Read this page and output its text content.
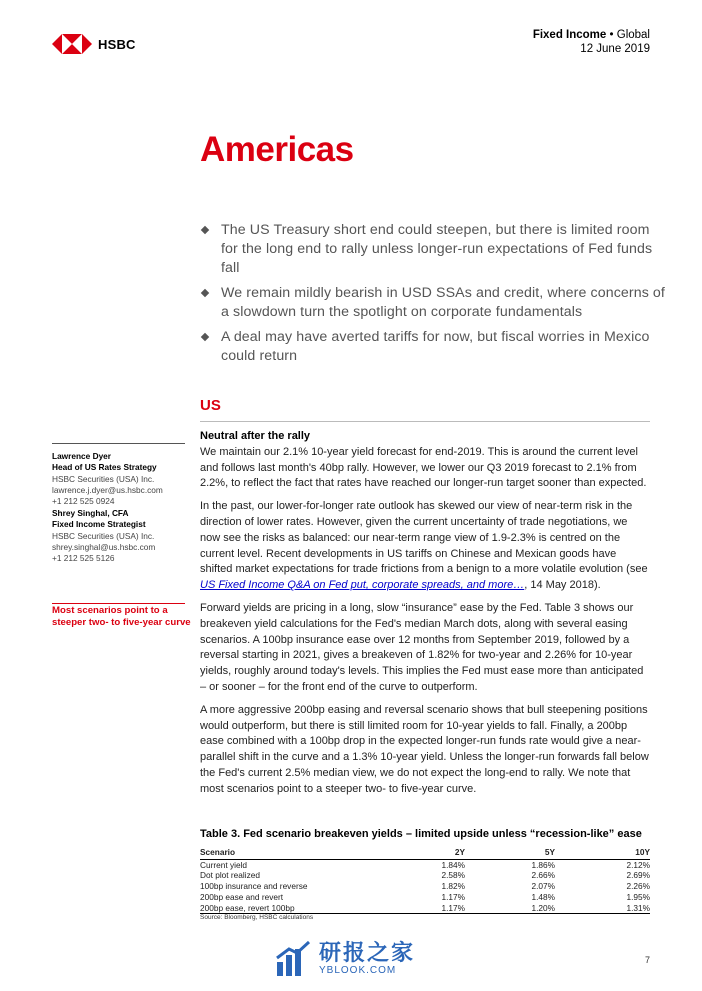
HSBC
Fixed Income • Global
12 June 2019
Americas
The US Treasury short end could steepen, but there is limited room for the long end to rally unless longer-run expectations of Fed funds fall
We remain mildly bearish in USD SSAs and credit, where concerns of a slowdown turn the spotlight on corporate fundamentals
A deal may have averted tariffs for now, but fiscal worries in Mexico could return
US
Lawrence Dyer
Head of US Rates Strategy
HSBC Securities (USA) Inc.
lawrence.j.dyer@us.hsbc.com
+1 212 525 0924
Shrey Singhal, CFA
Fixed Income Strategist
HSBC Securities (USA) Inc.
shrey.singhal@us.hsbc.com
+1 212 525 5126
Most scenarios point to a steeper two- to five-year curve
Neutral after the rally

We maintain our 2.1% 10-year yield forecast for end-2019. This is around the current level and follows last month's 40bp rally. However, we lower our Q3 2019 forecast to 2.1% from 2.2%, to reflect the fact that rates have reached our longer-run target sooner than expected.

In the past, our lower-for-longer rate outlook has skewed our view of near-term risk in the direction of lower rates. However, given the current uncertainty of trade negotiations, we now see the risks as balanced: our near-term range view of 1.9-2.3% is centred on the current level. Recent developments in US tariffs on Chinese and Mexican goods have shifted market expectations for trade frictions from a benign to a more volatile evolution (see US Fixed Income Q&A on Fed put, corporate spreads, and more…, 14 May 2018).

Forward yields are pricing in a long, slow “insurance” ease by the Fed. Table 3 shows our breakeven yield calculations for the Fed's median March dots, along with several easing scenarios. A 100bp insurance ease over 12 months from September 2019, followed by a reversal starting in 2021, gives a breakeven of 1.82% for two-year and 2.26% for 10-year yields, roughly around today's levels. This implies the Fed must ease more than anticipated – or sooner – for the front end of the curve to outperform.

A more aggressive 200bp easing and reversal scenario shows that bull steepening positions would outperform, but there is still limited room for 10-year yields to fall. Finally, a 200bp ease combined with a 100bp drop in the expected longer-run funds rate would give a near-parallel shift in the curve and a 1.3% 10-year yield. Unless the longer-run forwards fall below the Fed's current 2.5% median view, we do not expect the long-end to rally. We note that most scenarios point to a steeper two- to five-year curve.

Table 3. Fed scenario breakeven yields – limited upside unless “recession-like” ease
Scenario	2Y	5Y	10Y
Current yield	1.84%	1.86%	2.12%
Dot plot realized	2.58%	2.66%	2.69%
100bp insurance and reverse	1.82%	2.07%	2.26%
200bp ease and revert	1.17%	1.48%	1.95%
200bp ease, revert 100bp	1.17%	1.20%	1.31%
Source: Bloomberg, HSBC calculations
研报之家
YBLOOK.COM
7
